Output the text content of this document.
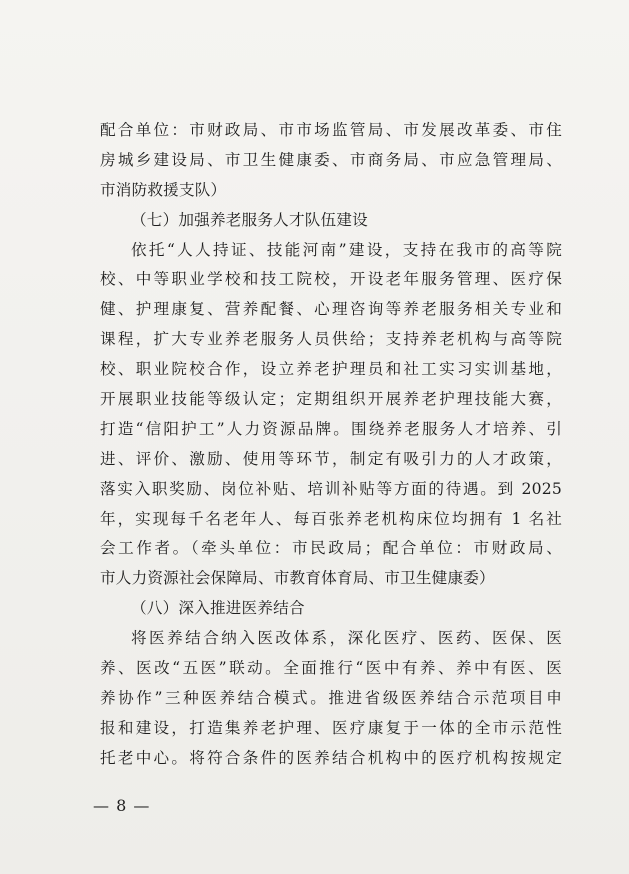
配合单位：市财政局、市市场监管局、市发展改革委、市住
房城乡建设局、市卫生健康委、市商务局、市应急管理局、
市消防救援支队）
（七）加强养老服务人才队伍建设
依托“人人持证、技能河南”建设，支持在我市的高等院
校、中等职业学校和技工院校，开设老年服务管理、医疗保
健、护理康复、营养配餐、心理咨询等养老服务相关专业和
课程，扩大专业养老服务人员供给；支持养老机构与高等院
校、职业院校合作，设立养老护理员和社工实习实训基地，
开展职业技能等级认定；定期组织开展养老护理技能大赛，
打造“信阳护工”人力资源品牌。围绕养老服务人才培养、引
进、评价、激励、使用等环节，制定有吸引力的人才政策，
落实入职奖励、岗位补贴、培训补贴等方面的待遇。到 2025
年，实现每千名老年人、每百张养老机构床位均拥有 1 名社
会工作者。（牵头单位：市民政局；配合单位：市财政局、
市人力资源社会保障局、市教育体育局、市卫生健康委）
（八）深入推进医养结合
将医养结合纳入医改体系，深化医疗、医药、医保、医
养、医改“五医”联动。全面推行“医中有养、养中有医、医
养协作”三种医养结合模式。推进省级医养结合示范项目申
报和建设，打造集养老护理、医疗康复于一体的全市示范性
托老中心。将符合条件的医养结合机构中的医疗机构按规定
— 8 —
